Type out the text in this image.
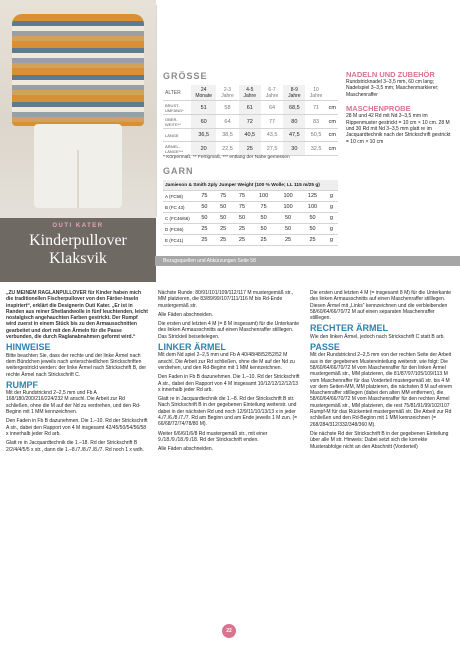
OUTI KATER
Kinderpullover
Klaksvik
GRÖSSE
ALTER	24 Monate	2-3 Jahre	4-5 Jahre	6-7 Jahre	8-9 Jahre	10 Jahre	
BRUST-UMFANG*	51	58	61	64	68,5	71	cm
OBER-WEITE**	60	64	72	77	80	83	cm
LÄNGE	36,5	38,5	40,5	43,5	47,5	50,5	cm
ÄRMEL-LÄNGE***	20	22,5	25	27,5	30	32,5	cm
* Körpermaß, ** Fertigmaß, *** entlang der Nahe gemessen
GARN
Jamieson & Smith 2ply Jumper Weight (100 % Wolle; LL 115 m/25 g)							
A (FC58)	75	75	75	100	100	125	g
B (FC 43)	50	50	75	75	100	100	g
C (FC46/66)	50	50	50	50	50	50	g
D (FC65)	25	25	25	50	50	50	g
E (FC41)	25	25	25	25	25	25	g
Bezugsquellen und Abkürzungen Seite 58
NADELN UND ZUBEHÖR
Rundstricknadel 3–3,5 mm, 60 cm lang; Nadelspiel 3–3,5 mm; Maschenmarkierer; Maschenraffer
MASCHENPROBE
28 M und 42 Rd mit Nd 3–3,5 mm im Rippenmuster gestrickt = 10 cm × 10 cm. 28 M und 30 Rd mit Nd 3–3,5 mm glatt re im Jacquardtechnik nach der Strickschrift gestrickt = 10 cm × 10 cm

„ZU MEINEM RAGLANPULLOVER für Kinder haben mich die traditionellen Fischerpullover von den Färöer-Inseln inspiriert“, erklärt die Designerin Outi Kater. „Er ist in Randen aus reiner Shetlandwolle in fünf leuchtenden, leicht nostalgisch angehauchten Farben gestrickt. Der Rumpf wird zuerst in einem Stück bis zu den Armausschnitten gearbeitet und dort mit den Ärmeln für die Passe verbunden, die durch Raglanabnahmen geformt wird.“

HINWEISE

Bitte beachten Sie, dass der rechte und der linke Ärmel nach dem Bündchen jeweils nach unterschiedlichen Strickschriften weitergestrickt werden: der linke Ärmel nach Strickschrift B, der rechte Ärmel nach Strickschrift C.

RUMPF

Mit der Rundstricknd 2–2,5 mm und Fb A 168/180/200/216/224/232 M anschl. Die Arbeit zur Rd schließen, ohne die M auf der Nd zu verdrehen, und den Rd-Beginn mit 1 MM kennzeichnen.

Den Faden in Fb B dazunehmen. Die 1.–10. Rd der Strickschrift A str., dabei den Rapport von 4 M insgesamt 42/45/50/54/56/58 x innerhalb jeder Rd arb.

Glatt re in Jacquardtechnik die 1.–18. Rd der Strickschrift B 2/2/4/4/5/5 x str., dann die 1.–8./7./8./7./8./7. Rd noch 1 x wdh.

Nächste Runde: 80/91/101/109/112/117 M mustergemäß str., MM platzieren, die 83/89/99/107/111/116 M bis Rd-Ende mustergemäß str.

Alle Fäden abschneiden.

Die ersten und letzten 4 M (= 8 M insgesamt) für die Unterkante des linken Armausschnitts auf einen Maschenraffer stilllegen. Das Strickteil beiseitelegen.

LINKER ÄRMEL

Mit dem Nd spiel 2–2,5 mm und Fb A 40/48/48/52/52/52 M anschl. Die Arbeit zur Rd schließen, ohne die M auf der Nd zu verdrehen, und den Rd-Beginn mit 1 MM kennzeichnen.

Den Faden in Fb B dazunehmen. Die 1.–10. Rd der Strickschrift A str., dabei den Rapport von 4 M insgesamt 10/12/12/12/12/13 x innerhalb jeder Rd arb.

Glatt re in Jacquardtechnik die 1.–8. Rd der Strickschrift B str. Nach Strickschrift B in der gegebenen Einteilung weiterstr. und dabei in der nächsten Rd und noch 12/9/11/10/13/13 x in jeder 4./7./6./8./7./7. Rd am Beginn und am Ende jeweils 1 M zun. (= 66/68/72/74/78/80 M).

Weiter 6/6/6/1/6/8 Rd mustergemäß str., mit einer 9./18./9./18./9./18. Rd der Strickschrift enden.

Alle Fäden abschneiden.

Die ersten und letzten 4 M (= insgesamt 8 M) für die Unterkante des linken Armausschnitts auf einen Maschenraffer stilllegen. Diesen Ärmel mit „Links“ kennzeichnen und die verbleibenden 58/60/64/66/70/72 M auf einen separaten Maschenraffer stilllegen.

RECHTER ÄRMEL

Wie den linken Ärmel, jedoch nach Strickschrift C statt B arb.

PASSE

Mit der Rundstricknd 2–2,5 mm von der rechten Seite der Arbeit aus in der gegebenen Mustereinteilung weiterstr. wie folgt: Die 58/60/64/66/70/72 M vom Maschenraffer für den linken Ärmel mustergemäß str., MM platzieren, die 81/87/97/105/109/113 M vom Maschenraffer für das Vorderteil mustergemäß str. bis 4 M vor dem Seiten-MM, MM platzieren, die nächsten 8 M auf einem Maschenraffer stilllegen (dabei den alten MM entfernen), die 58/60/64/66/70/72 M vom Maschenraffer für den rechten Ärmel mustergemäß str., MM platzieren, die rest 75/81/91/99/102/107 Rumpf-M für das Rückenteil mustergemäß str. Die Arbeit zur Rd schließen und den Rd-Beginn mit 1 MM kennzeichnen (= 268/284/312/332/348/360 M).

Die nächste Rd der Strickschrift B in der gegebenen Einteilung über alle M str. Hinweis: Dabei setzt sich die korrekte Musterabfolge nicht an den Abschnitt (Vorderteil)

22
